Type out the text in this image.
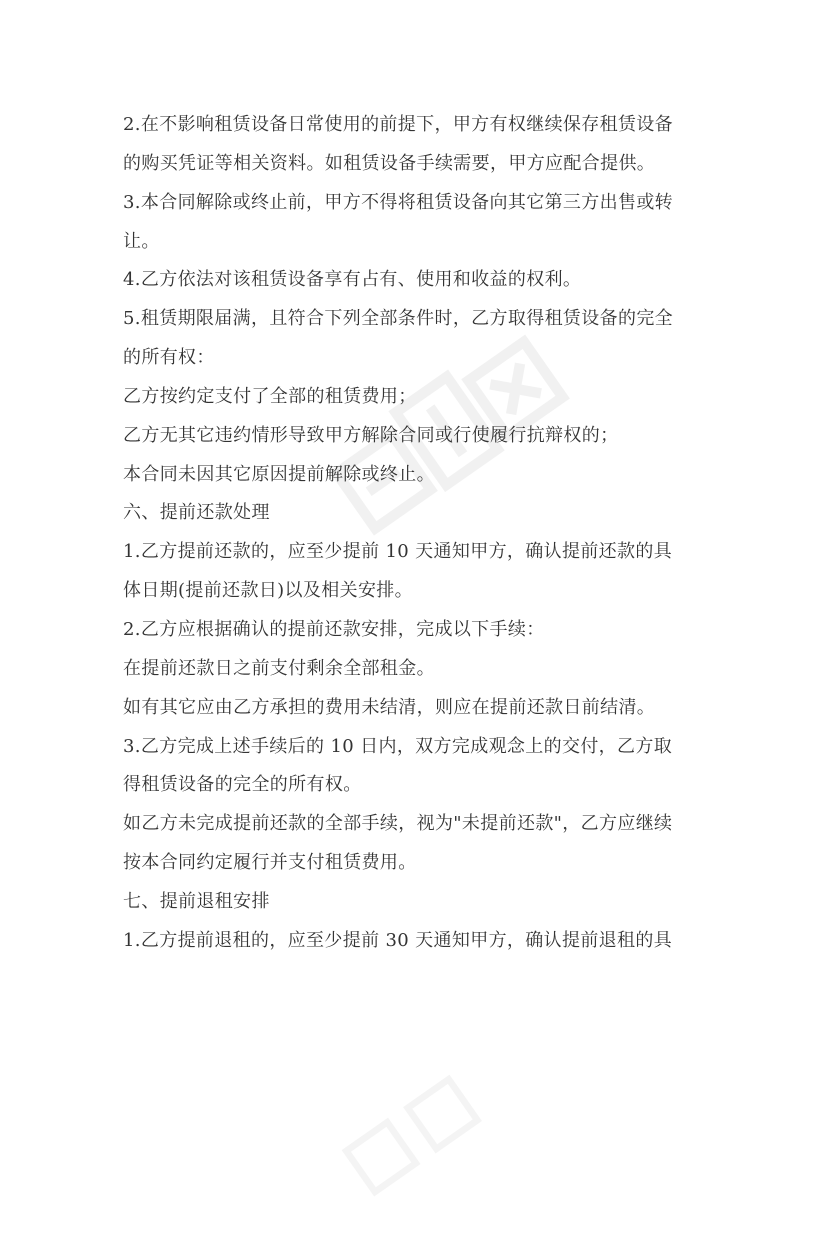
2.在不影响租赁设备日常使用的前提下，甲方有权继续保存租赁设备
的购买凭证等相关资料。如租赁设备手续需要，甲方应配合提供。
3.本合同解除或终止前，甲方不得将租赁设备向其它第三方出售或转
让。
4.乙方依法对该租赁设备享有占有、使用和收益的权利。
5.租赁期限届满，且符合下列全部条件时，乙方取得租赁设备的完全
的所有权：
乙方按约定支付了全部的租赁费用；
乙方无其它违约情形导致甲方解除合同或行使履行抗辩权的；
本合同未因其它原因提前解除或终止。
六、提前还款处理
1.乙方提前还款的，应至少提前 10 天通知甲方，确认提前还款的具
体日期(提前还款日)以及相关安排。
2.乙方应根据确认的提前还款安排，完成以下手续：
在提前还款日之前支付剩余全部租金。
如有其它应由乙方承担的费用未结清，则应在提前还款日前结清。
3.乙方完成上述手续后的 10 日内，双方完成观念上的交付，乙方取
得租赁设备的完全的所有权。
如乙方未完成提前还款的全部手续，视为"未提前还款"，乙方应继续
按本合同约定履行并支付租赁费用。
七、提前退租安排
1.乙方提前退租的，应至少提前 30 天通知甲方，确认提前退租的具
